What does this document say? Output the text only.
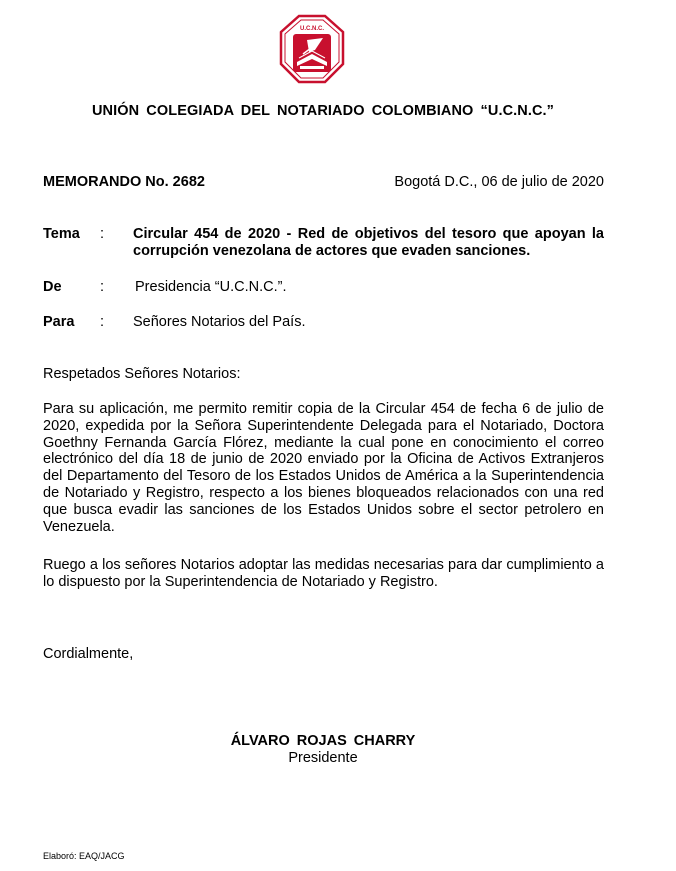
U.C.N.C.
UNIÓN COLEGIADA DEL NOTARIADO COLOMBIANO “U.C.N.C.”
MEMORANDO No. 2682	Bogotá D.C., 06 de julio de 2020
Tema : Circular 454 de 2020 - Red de objetivos del tesoro que apoyan la corrupción venezolana de actores que evaden sanciones.
De	: Presidencia “U.C.N.C.”.
Para : Señores Notarios del País.
Respetados Señores Notarios:

Para su aplicación, me permito remitir copia de la Circular 454 de fecha 6 de julio de 2020, expedida por la Señora Superintendente Delegada para el Notariado, Doctora Goethny Fernanda García Flórez, mediante la cual pone en conocimiento el correo electrónico del día 18 de junio de 2020 enviado por la Oficina de Activos Extranjeros del Departamento del Tesoro de los Estados Unidos de América a la Superintendencia de Notariado y Registro, respecto a los bienes bloqueados relacionados con una red que busca evadir las sanciones de los Estados Unidos sobre el sector petrolero en Venezuela.

Ruego a los señores Notarios adoptar las medidas necesarias para dar cumplimiento a lo dispuesto por la Superintendencia de Notariado y Registro.

Cordialmente,
ÁLVARO ROJAS CHARRY
Presidente
Elaboró: EAQ/JACG
